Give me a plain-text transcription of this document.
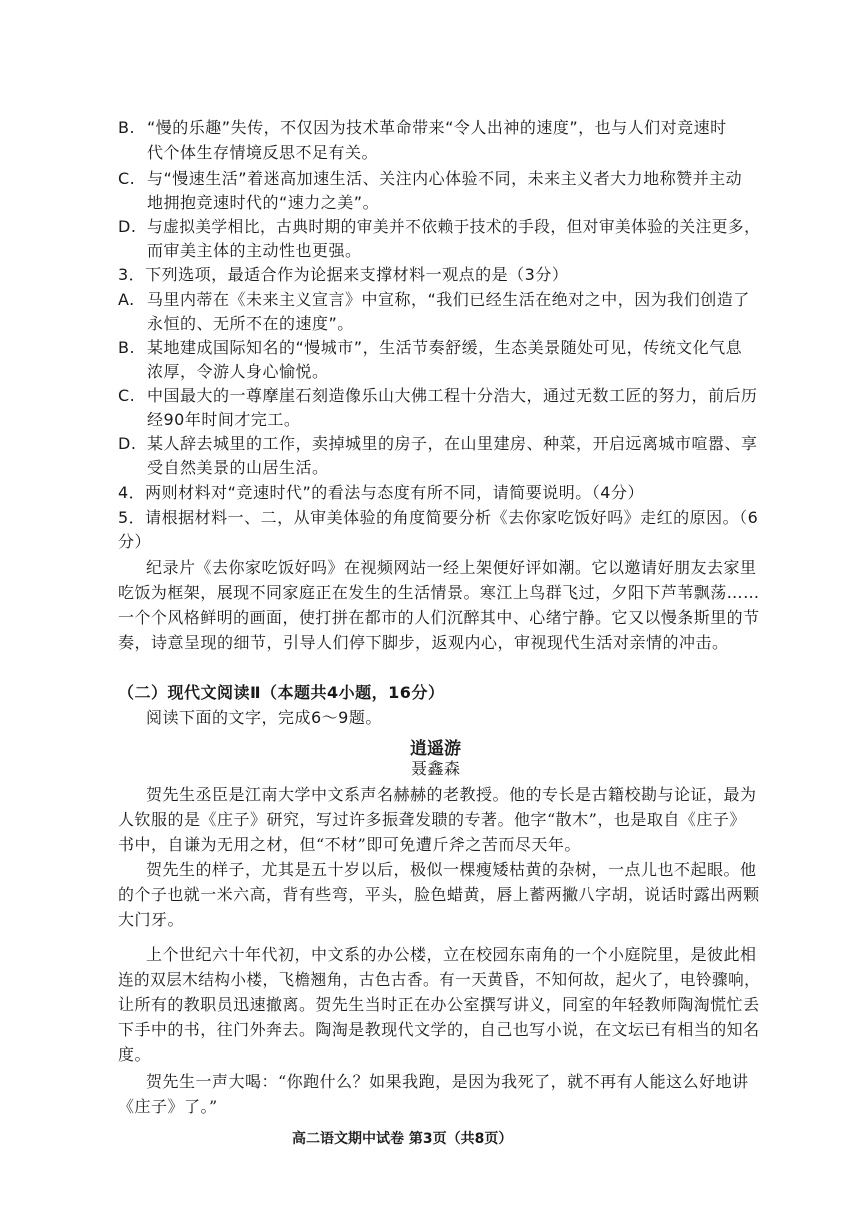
B. “慢的乐趣”失传，不仅因为技术革命带来“令人出神的速度”，也与人们对竞速时
代个体生存情境反思不足有关。
C. 与“慢速生活”着迷高加速生活、关注内心体验不同，未来主义者大力地称赞并主动
地拥抱竞速时代的“速力之美”。
D. 与虚拟美学相比，古典时期的审美并不依赖于技术的手段，但对审美体验的关注更多，
而审美主体的主动性也更强。
3．下列选项，最适合作为论据来支撑材料一观点的是（3分）
A. 马里内蒂在《未来主义宣言》中宣称，“我们已经生活在绝对之中，因为我们创造了
永恒的、无所不在的速度”。
B. 某地建成国际知名的“慢城市”，生活节奏舒缓，生态美景随处可见，传统文化气息
浓厚，令游人身心愉悦。
C. 中国最大的一尊摩崖石刻造像乐山大佛工程十分浩大，通过无数工匠的努力，前后历
经90年时间才完工。
D. 某人辞去城里的工作，卖掉城里的房子，在山里建房、种菜，开启远离城市喧嚣、享
受自然美景的山居生活。
4．两则材料对“竞速时代”的看法与态度有所不同，请简要说明。（4分）
5．请根据材料一、二，从审美体验的角度简要分析《去你家吃饭好吗》走红的原因。（6
分）
纪录片《去你家吃饭好吗》在视频网站一经上架便好评如潮。它以邀请好朋友去家里
吃饭为框架，展现不同家庭正在发生的生活情景。寒江上鸟群飞过，夕阳下芦苇飘荡……
一个个风格鲜明的画面，使打拼在都市的人们沉醉其中、心绪宁静。它又以慢条斯里的节
奏，诗意呈现的细节，引导人们停下脚步，返观内心，审视现代生活对亲情的冲击。
（二）现代文阅读Ⅱ（本题共4小题，16分）
阅读下面的文字，完成6～9题。
逍遥游
聂鑫森
贺先生丞臣是江南大学中文系声名赫赫的老教授。他的专长是古籍校勘与论证，最为
人钦服的是《庄子》研究，写过许多振聋发聩的专著。他字“散木”，也是取自《庄子》
书中，自谦为无用之材，但“不材”即可免遭斤斧之苦而尽天年。
贺先生的样子，尤其是五十岁以后，极似一棵瘦矮枯黄的杂树，一点儿也不起眼。他
的个子也就一米六高，背有些弯，平头，脸色蜡黄，唇上蓄两撇八字胡，说话时露出两颗
大门牙。
上个世纪六十年代初，中文系的办公楼，立在校园东南角的一个小庭院里，是彼此相
连的双层木结构小楼，飞檐翘角，古色古香。有一天黄昏，不知何故，起火了，电铃骤响，
让所有的教职员迅速撤离。贺先生当时正在办公室撰写讲义，同室的年轻教师陶淘慌忙丢
下手中的书，往门外奔去。陶淘是教现代文学的，自己也写小说，在文坛已有相当的知名
度。
贺先生一声大喝：“你跑什么？如果我跑，是因为我死了，就不再有人能这么好地讲
《庄子》了。”
高二语文期中试卷 第3页（共8页）
